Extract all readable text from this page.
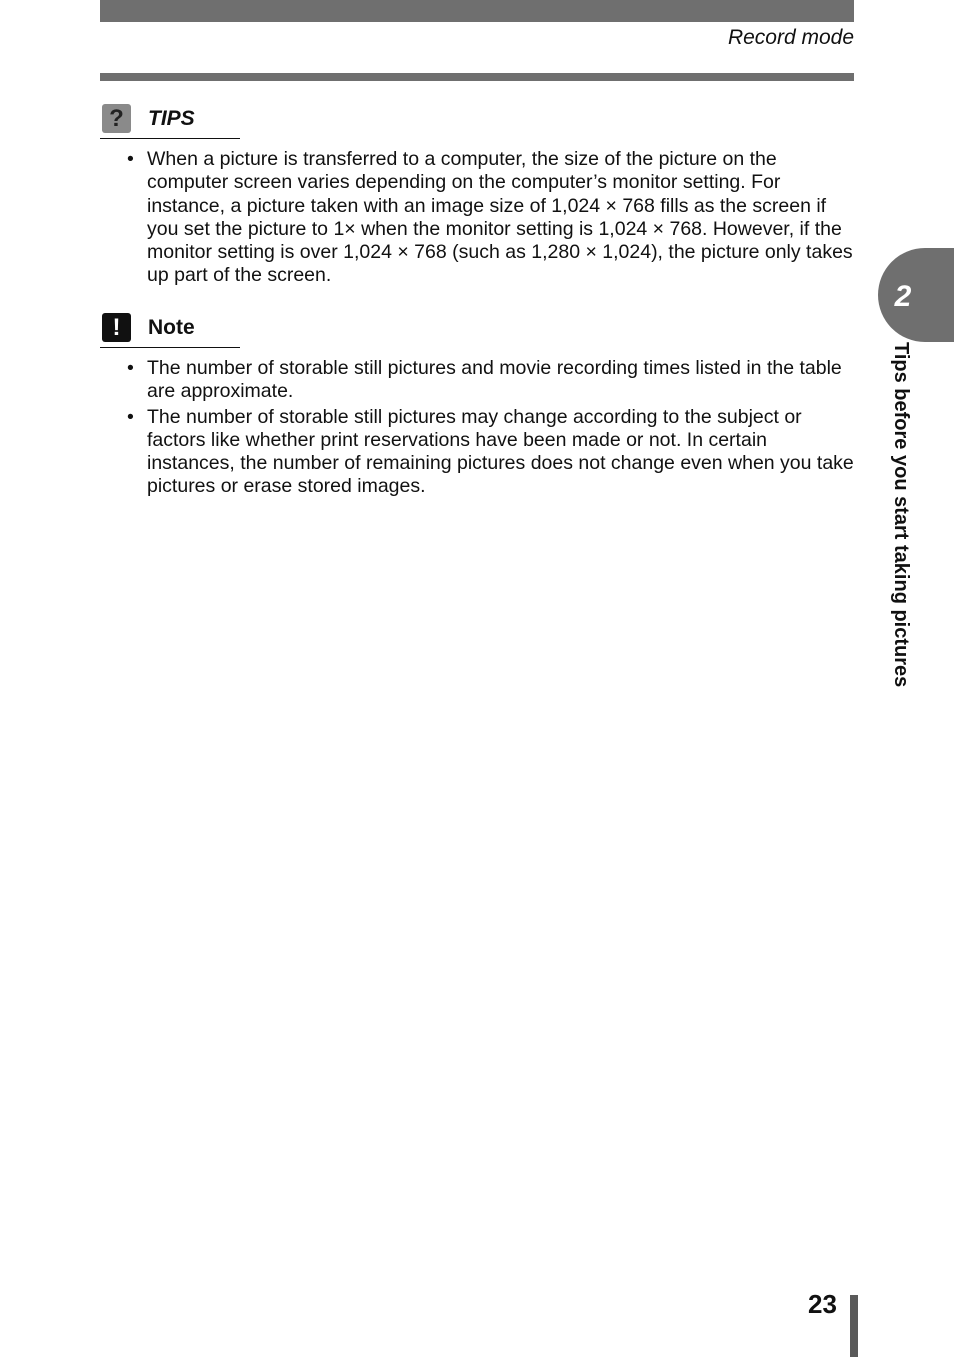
Record mode
?	TIPS
• When a picture is transferred to a computer, the size of the picture on the computer screen varies depending on the computer’s monitor setting. For instance, a picture taken with an image size of 1,024 × 768 fills as the screen if you set the picture to 1× when the monitor setting is 1,024 × 768. However, if the monitor setting is over 1,024 × 768 (such as 1,280 × 1,024), the picture only takes up part of the screen.
!	Note
• The number of storable still pictures and movie recording times listed in the table are approximate.
• The number of storable still pictures may change according to the subject or factors like whether print reservations have been made or not. In certain instances, the number of remaining pictures does not change even when you take pictures or erase stored images.
2
Tips before you start taking pictures
23
